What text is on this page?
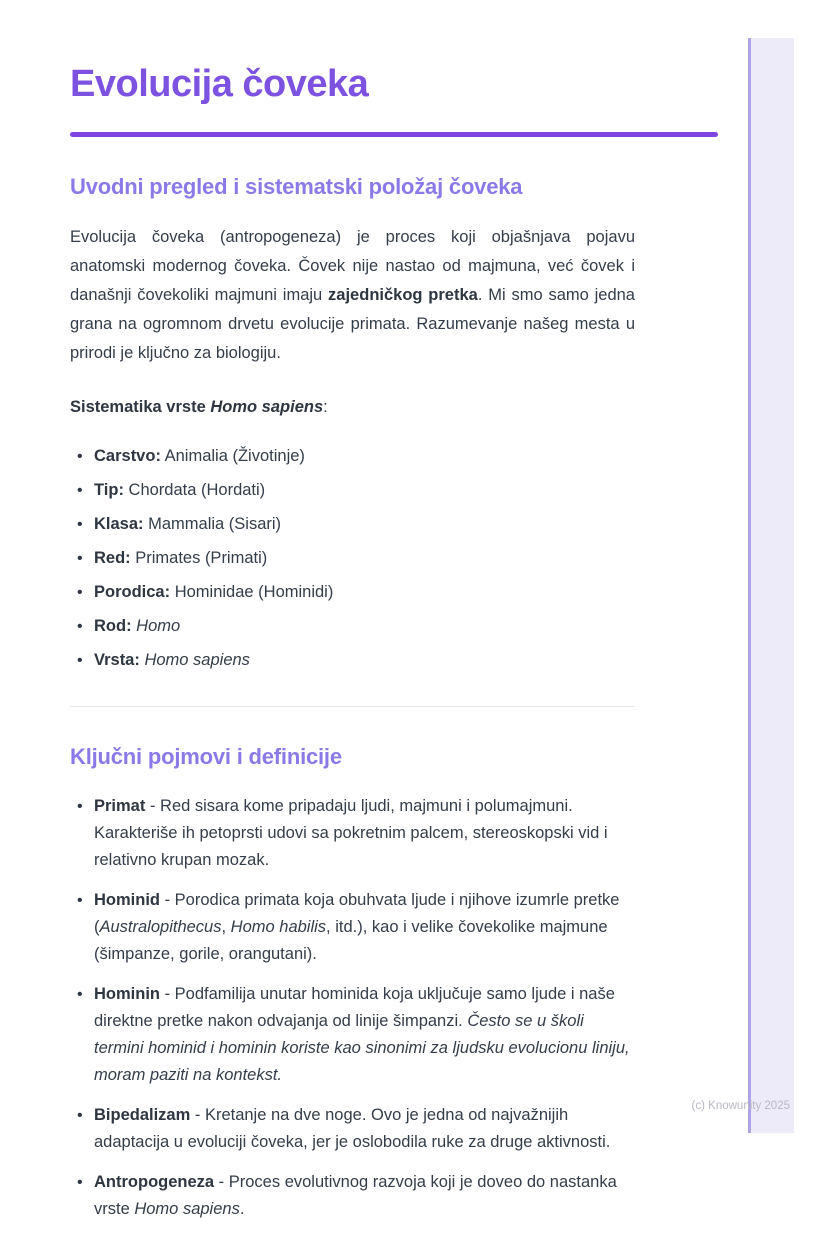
Evolucija čoveka
Uvodni pregled i sistematski položaj čoveka

Evolucija čoveka (antropogeneza) je proces koji objašnjava pojavu anatomski modernog čoveka. Čovek nije nastao od majmuna, već čovek i današnji čovekoliki majmuni imaju zajedničkog pretka. Mi smo samo jedna grana na ogromnom drvetu evolucije primata. Razumevanje našeg mesta u prirodi je ključno za biologiju.

Sistematika vrste Homo sapiens:

• Carstvo: Animalia (Životinje)
• Tip: Chordata (Hordati)
• Klasa: Mammalia (Sisari)
• Red: Primates (Primati)
• Porodica: Hominidae (Hominidi)
• Rod: Homo
• Vrsta: Homo sapiens
Ključni pojmovi i definicije
• Primat - Red sisara kome pripadaju ljudi, majmuni i polumajmuni. Karakteriše ih petoprsti udovi sa pokretnim palcem, stereoskopski vid i relativno krupan mozak.
• Hominid - Porodica primata koja obuhvata ljude i njihove izumrle pretke (Australopithecus, Homo habilis, itd.), kao i velike čovekolike majmune (šimpanze, gorile, orangutani).
• Hominin - Podfamilija unutar hominida koja uključuje samo ljude i naše direktne pretke nakon odvajanja od linije šimpanzi. Često se u školi termini hominid i hominin koriste kao sinonimi za ljudsku evolucionu liniju, moram paziti na kontekst.
• Bipedalizam - Kretanje na dve noge. Ovo je jedna od najvažnijih adaptacija u evoluciji čoveka, jer je oslobodila ruke za druge aktivnosti.
• Antropogeneza - Proces evolutivnog razvoja koji je doveo do nastanka vrste Homo sapiens.
(c) Knowunity 2025
